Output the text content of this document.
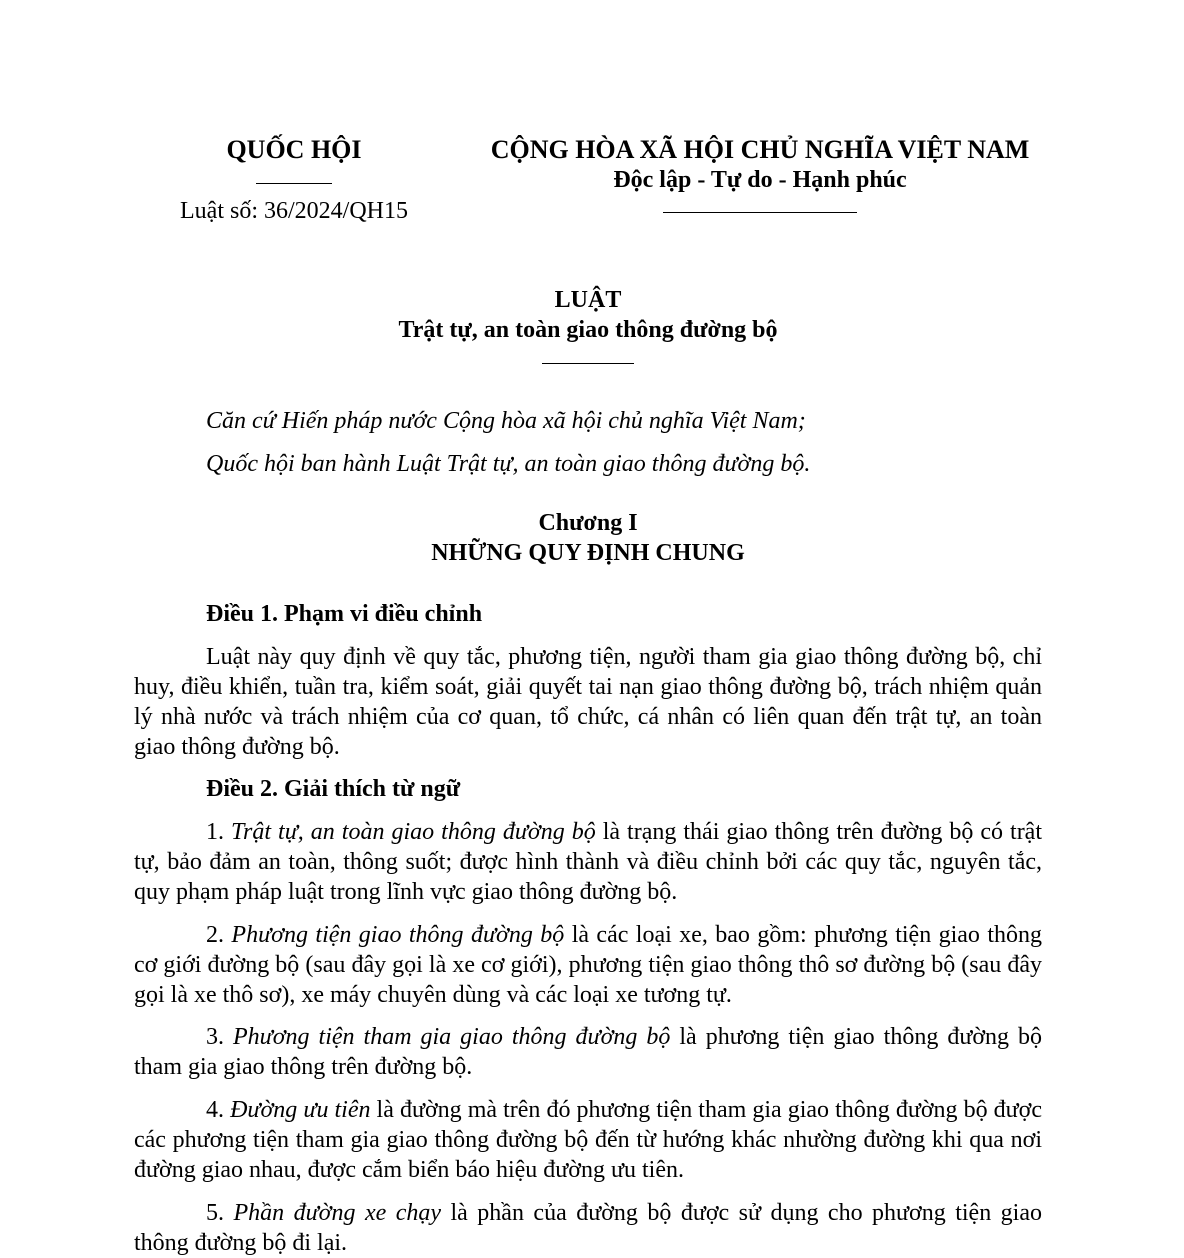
QUỐC HỘI
Luật số: 36/2024/QH15
CỘNG HÒA XÃ HỘI CHỦ NGHĨA VIỆT NAM
Độc lập - Tự do - Hạnh phúc
LUẬT
Trật tự, an toàn giao thông đường bộ
Căn cứ Hiến pháp nước Cộng hòa xã hội chủ nghĩa Việt Nam;
Quốc hội ban hành Luật Trật tự, an toàn giao thông đường bộ.
Chương I
NHỮNG QUY ĐỊNH CHUNG
Điều 1. Phạm vi điều chỉnh
Luật này quy định về quy tắc, phương tiện, người tham gia giao thông đường bộ, chỉ huy, điều khiển, tuần tra, kiểm soát, giải quyết tai nạn giao thông đường bộ, trách nhiệm quản lý nhà nước và trách nhiệm của cơ quan, tổ chức, cá nhân có liên quan đến trật tự, an toàn giao thông đường bộ.
Điều 2. Giải thích từ ngữ
1. Trật tự, an toàn giao thông đường bộ là trạng thái giao thông trên đường bộ có trật tự, bảo đảm an toàn, thông suốt; được hình thành và điều chỉnh bởi các quy tắc, nguyên tắc, quy phạm pháp luật trong lĩnh vực giao thông đường bộ.
2. Phương tiện giao thông đường bộ là các loại xe, bao gồm: phương tiện giao thông cơ giới đường bộ (sau đây gọi là xe cơ giới), phương tiện giao thông thô sơ đường bộ (sau đây gọi là xe thô sơ), xe máy chuyên dùng và các loại xe tương tự.
3. Phương tiện tham gia giao thông đường bộ là phương tiện giao thông đường bộ tham gia giao thông trên đường bộ.
4. Đường ưu tiên là đường mà trên đó phương tiện tham gia giao thông đường bộ được các phương tiện tham gia giao thông đường bộ đến từ hướng khác nhường đường khi qua nơi đường giao nhau, được cắm biển báo hiệu đường ưu tiên.
5. Phần đường xe chạy là phần của đường bộ được sử dụng cho phương tiện giao thông đường bộ đi lại.
